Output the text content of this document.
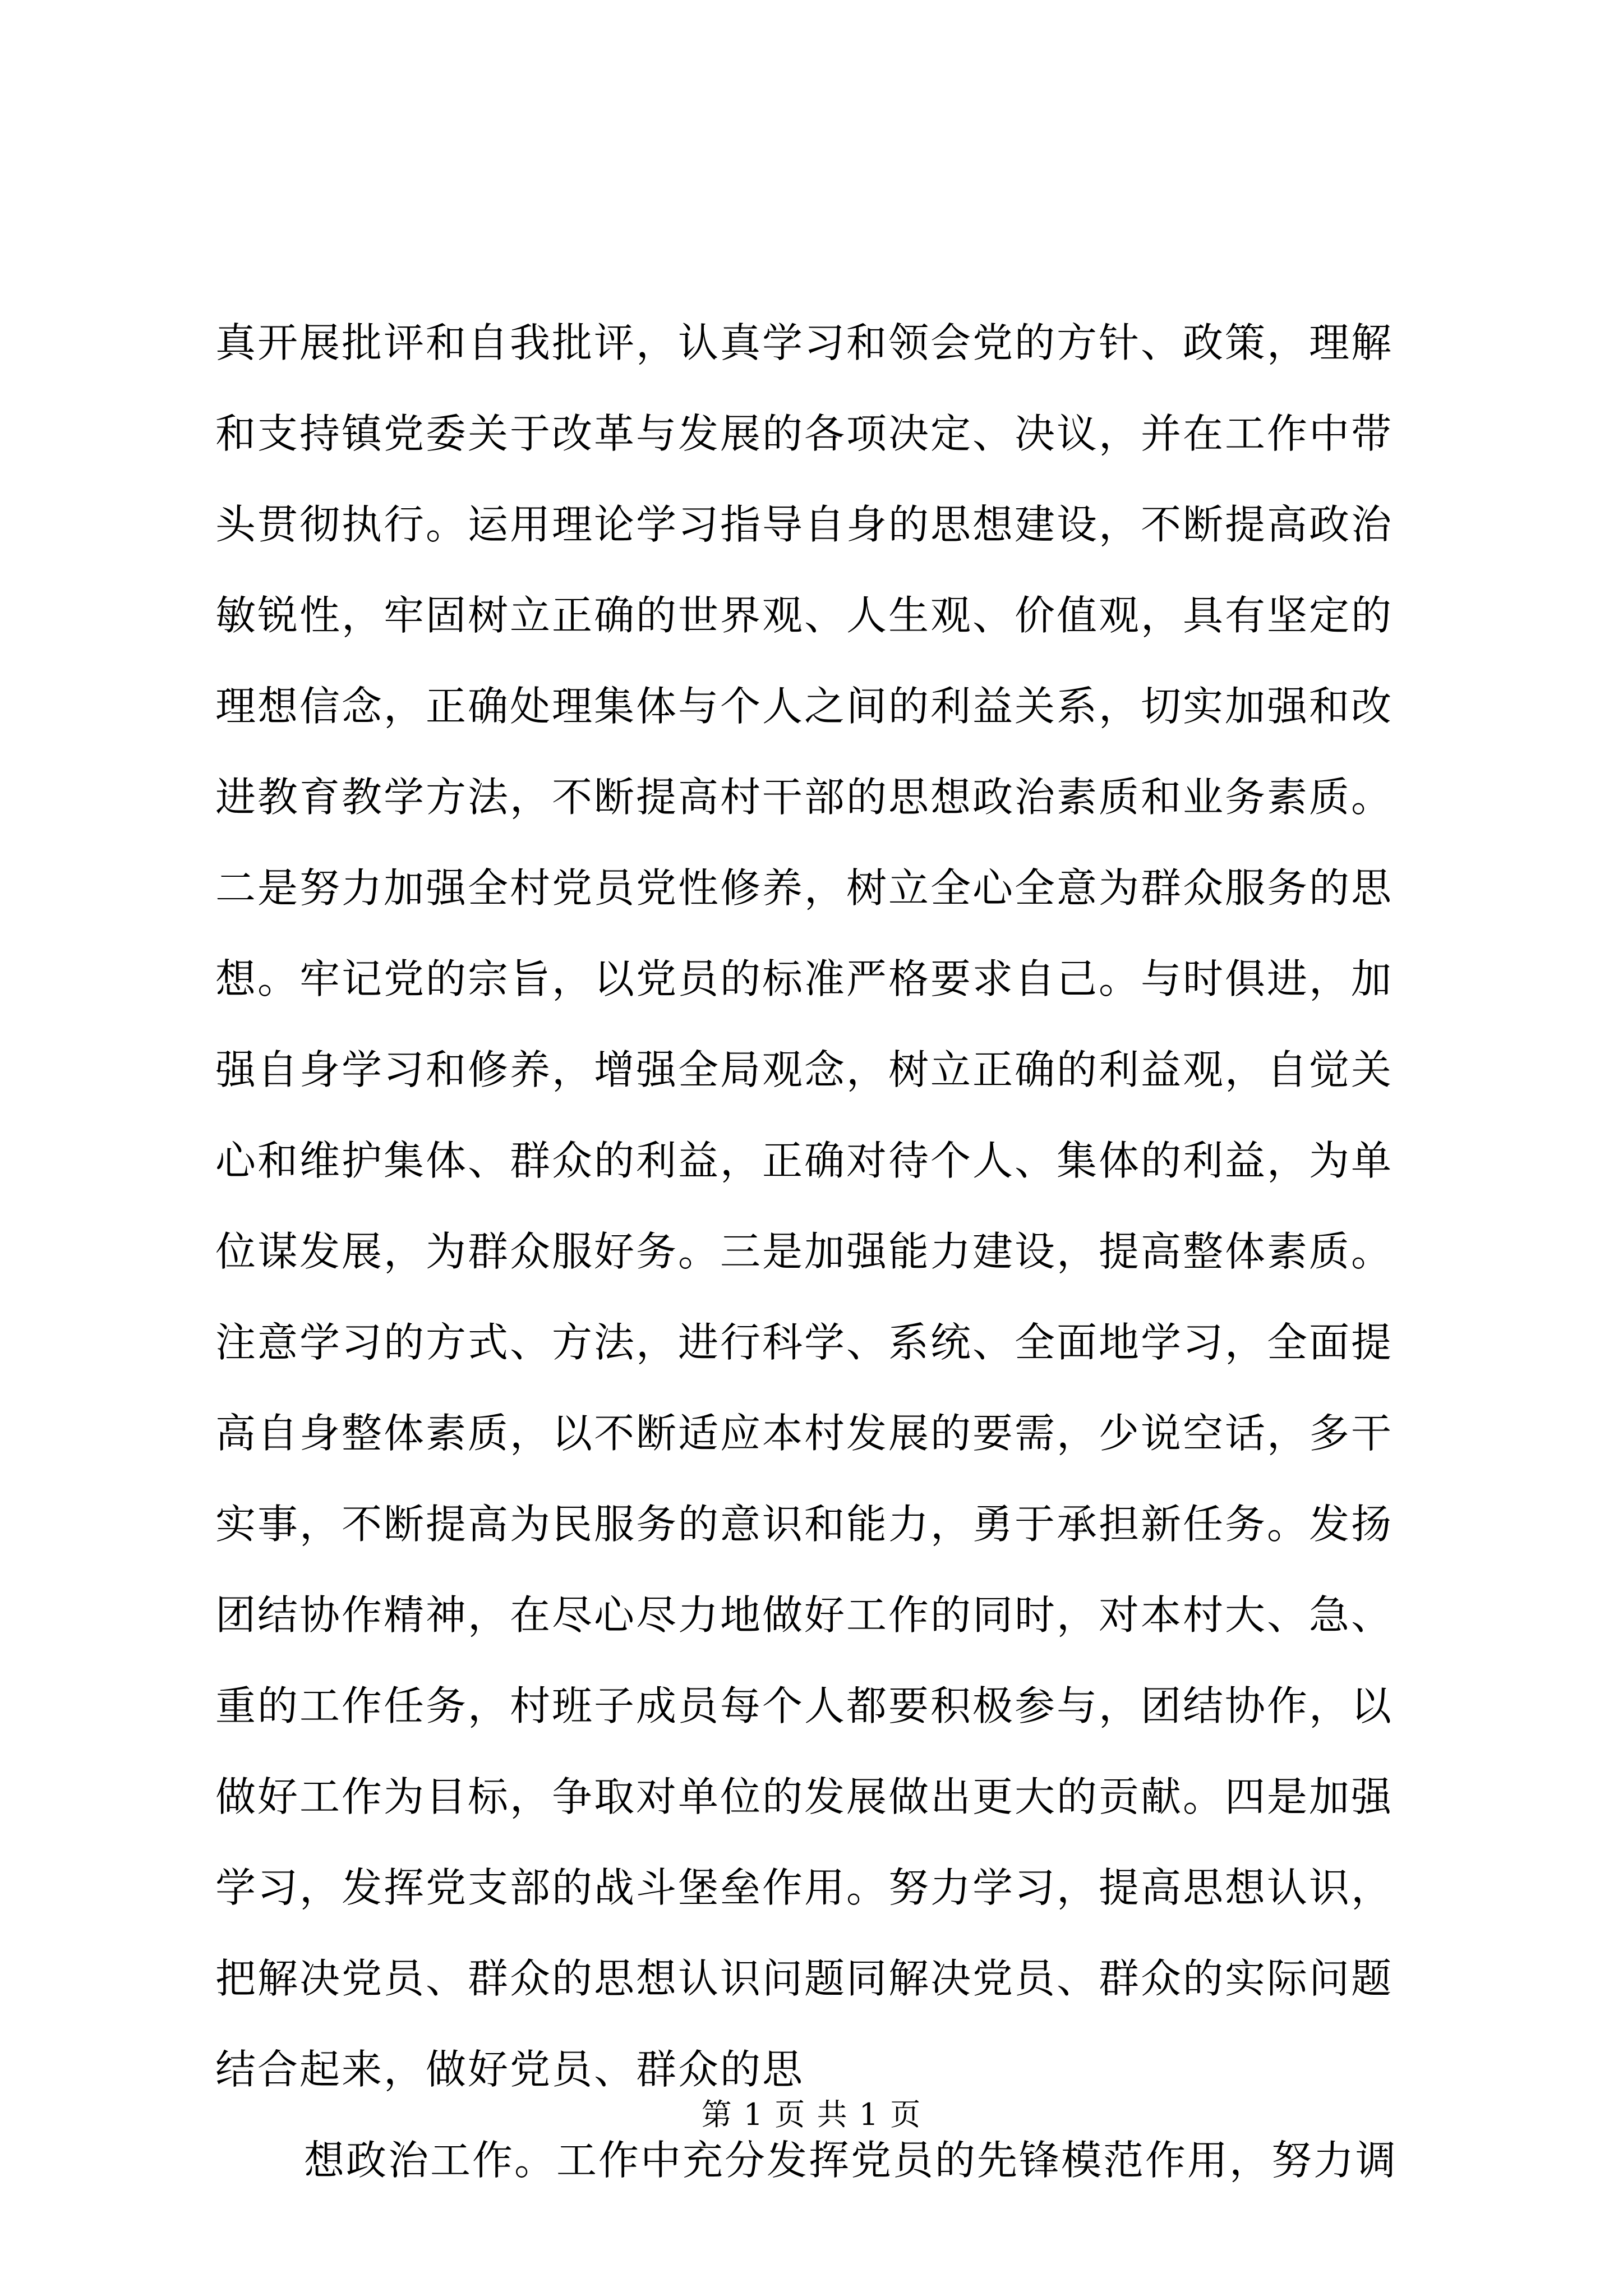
真开展批评和自我批评，认真学习和领会党的方针、政策，理解
和支持镇党委关于改革与发展的各项决定、决议，并在工作中带
头贯彻执行。运用理论学习指导自身的思想建设，不断提高政治
敏锐性，牢固树立正确的世界观、人生观、价值观，具有坚定的
理想信念，正确处理集体与个人之间的利益关系，切实加强和改
进教育教学方法，不断提高村干部的思想政治素质和业务素质。
二是努力加强全村党员党性修养，树立全心全意为群众服务的思
想。牢记党的宗旨，以党员的标准严格要求自己。与时俱进，加
强自身学习和修养，增强全局观念，树立正确的利益观，自觉关
心和维护集体、群众的利益，正确对待个人、集体的利益，为单
位谋发展，为群众服好务。三是加强能力建设，提高整体素质。
注意学习的方式、方法，进行科学、系统、全面地学习，全面提
高自身整体素质，以不断适应本村发展的要需，少说空话，多干
实事，不断提高为民服务的意识和能力，勇于承担新任务。发扬
团结协作精神，在尽心尽力地做好工作的同时，对本村大、急、
重的工作任务，村班子成员每个人都要积极参与，团结协作，以
做好工作为目标，争取对单位的发展做出更大的贡献。四是加强
学习，发挥党支部的战斗堡垒作用。努力学习，提高思想认识，
把解决党员、群众的思想认识问题同解决党员、群众的实际问题
结合起来，做好党员、群众的思
想政治工作。工作中充分发挥党员的先锋模范作用，努力调
第 1 页 共 1 页
